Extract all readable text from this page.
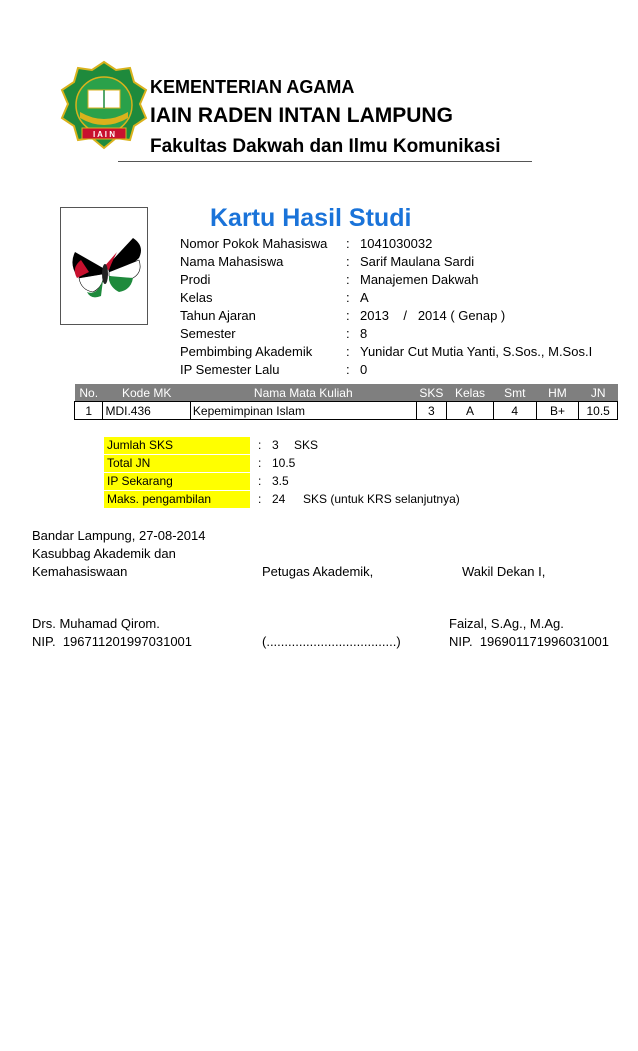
I A I N
KEMENTERIAN AGAMA
IAIN RADEN INTAN LAMPUNG
Fakultas Dakwah dan Ilmu Komunikasi
Kartu Hasil Studi
Nomor Pokok Mahasiswa : 1041030032
Nama Mahasiswa	: Sarif Maulana Sardi
Prodi	: Manajemen Dakwah
Kelas	: A
Tahun Ajaran	: 2013    /   2014 ( Genap )
Semester	: 8
Pembimbing Akademik	: Yunidar Cut Mutia Yanti, S.Sos., M.Sos.I
IP Semester Lalu	: 0
No.	Kode MK	Nama Mata Kuliah	SKS	Kelas	Smt	HM	JN
1	MDI.436	Kepemimpinan Islam	3	A	4	B+	10.5
Jumlah SKS	: 3 SKS
Total JN	: 10.5
IP Sekarang	: 3.5
Maks. pengambilan	: 24 SKS (untuk KRS selanjutnya)
Bandar Lampung, 27-08-2014
Kasubbag Akademik dan
Kemahasiswaan	Petugas Akademik,	Wakil Dekan I,
Drs. Muhamad Qirom.	Faizal, S.Ag., M.Ag.
NIP.  196711201997031001	(....................................)	NIP.  196901171996031001
